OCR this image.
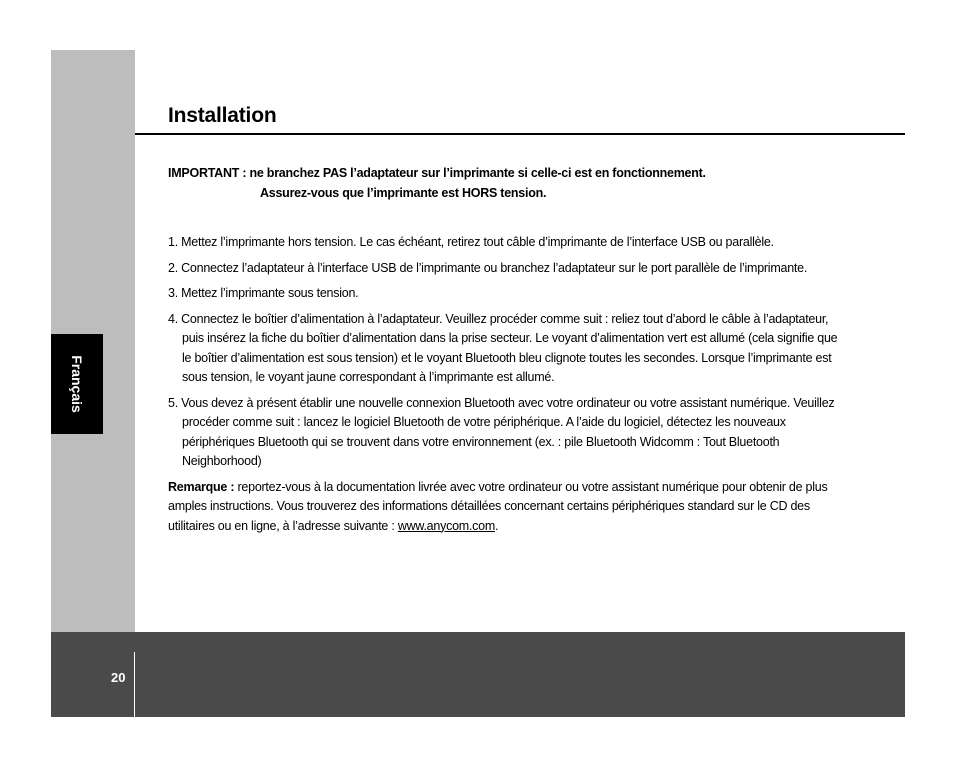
Français
Installation
IMPORTANT : ne branchez PAS l’adaptateur sur l’imprimante si celle-ci est en fonctionnement.
Assurez-vous que l’imprimante est HORS tension.
1. Mettez l’imprimante hors tension. Le cas échéant, retirez tout câble d’imprimante de l’interface USB ou parallèle.
2. Connectez l’adaptateur à l’interface USB de l’imprimante ou branchez l’adaptateur sur le port parallèle de l’imprimante.
3. Mettez l’imprimante sous tension.
4. Connectez le boîtier d’alimentation à l’adaptateur. Veuillez procéder comme suit : reliez tout d’abord le câble à l’adaptateur, puis insérez la fiche du boîtier d’alimentation dans la prise secteur. Le voyant d’alimentation vert est allumé (cela signifie que le boîtier d’alimentation est sous tension) et le voyant Bluetooth bleu clignote toutes les secondes. Lorsque l’imprimante est sous tension, le voyant jaune correspondant à l’imprimante est allumé.
5. Vous devez à présent établir une nouvelle connexion Bluetooth avec votre ordinateur ou votre assistant numérique. Veuillez procéder comme suit : lancez le logiciel Bluetooth de votre périphérique. A l’aide du logiciel, détectez les nouveaux périphériques Bluetooth qui se trouvent dans votre environnement (ex. : pile Bluetooth Widcomm : Tout Bluetooth Neighborhood)

Remarque : reportez-vous à la documentation livrée avec votre ordinateur ou votre assistant numérique pour obtenir de plus amples instructions. Vous trouverez des informations détaillées concernant certains périphériques standard sur le CD des utilitaires ou en ligne, à l’adresse suivante : www.anycom.com.

20
